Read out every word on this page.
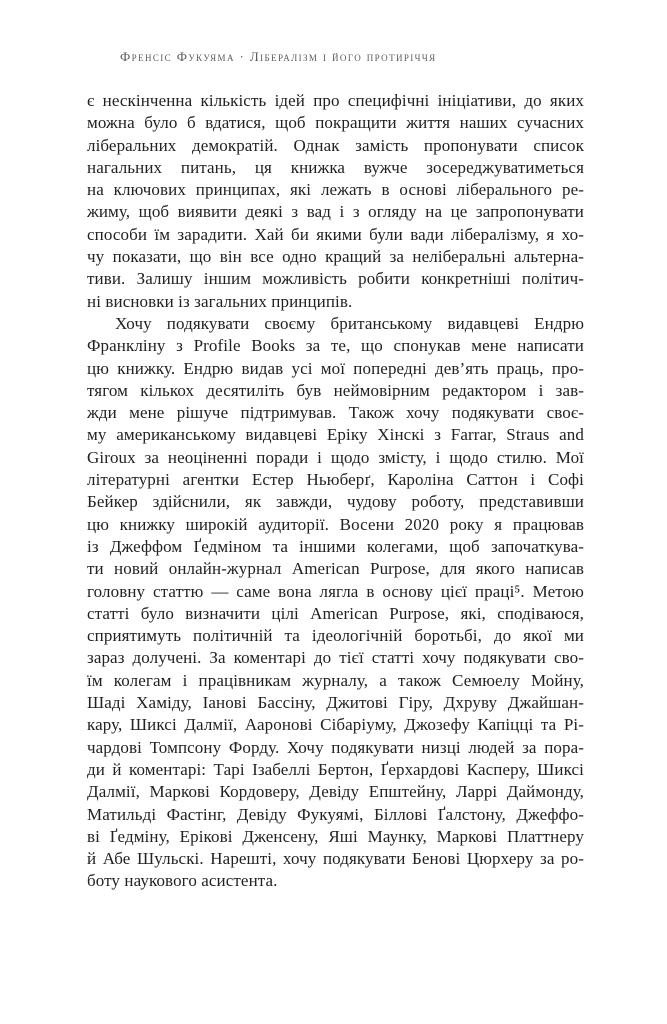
Френсіс Фукуяма · Лібералізм і його протиріччя
є нескінченна кількість ідей про специфічні ініціативи, до яких
можна було б вдатися, щоб покращити життя наших сучасних
ліберальних демократій. Однак замість пропонувати список
нагальних питань, ця книжка вужче зосереджуватиметься
на ключових принципах, які лежать в основі ліберального ре-
жиму, щоб виявити деякі з вад і з огляду на це запропонувати
способи їм зарадити. Хай би якими були вади лібералізму, я хо-
чу показати, що він все одно кращий за неліберальні альтерна-
тиви. Залишу іншим можливість робити конкретніші політич-
ні висновки із загальних принципів.
Хочу подякувати своєму британському видавцеві Ендрю
Франкліну з Profile Books за те, що спонукав мене написати
цю книжку. Ендрю видав усі мої попередні дев’ять праць, про-
тягом кількох десятиліть був неймовірним редактором і зав-
жди мене рішуче підтримував. Також хочу подякувати своє-
му американському видавцеві Еріку Хінскі з Farrar, Straus and
Giroux за неоціненні поради і щодо змісту, і щодо стилю. Мої
літературні агентки Естер Ньюберґ, Кароліна Саттон і Софі
Бейкер здійснили, як завжди, чудову роботу, представивши
цю книжку широкій аудиторії. Восени 2020 року я працював
із Джеффом Ґедміном та іншими колегами, щоб започаткува-
ти новий онлайн-журнал American Purpose, для якого написав
головну статтю — саме вона лягла в основу цієї праці⁵. Метою
статті було визначити цілі American Purpose, які, сподіваюся,
сприятимуть політичній та ідеологічній боротьбі, до якої ми
зараз долучені. За коментарі до тієї статті хочу подякувати сво-
їм колегам і працівникам журналу, а також Семюелу Мойну,
Шаді Хаміду, Іанові Бассіну, Джитові Гіру, Дхруву Джайшан-
кару, Шиксі Далмії, Ааронові Сібаріуму, Джозефу Капіцці та Рі-
чардові Томпсону Форду. Хочу подякувати низці людей за пора-
ди й коментарі: Тарі Ізабеллі Бертон, Ґерхардові Касперу, Шиксі
Далмії, Маркові Кордоверу, Девіду Епштейну, Ларрі Даймонду,
Матильді Фастінг, Девіду Фукуямі, Біллові Ґалстону, Джеффо-
ві Ґедміну, Ерікові Дженсену, Яші Маунку, Маркові Платтнеру
й Абе Шульскі. Нарешті, хочу подякувати Бенові Цюрхеру за ро-
боту наукового асистента.
